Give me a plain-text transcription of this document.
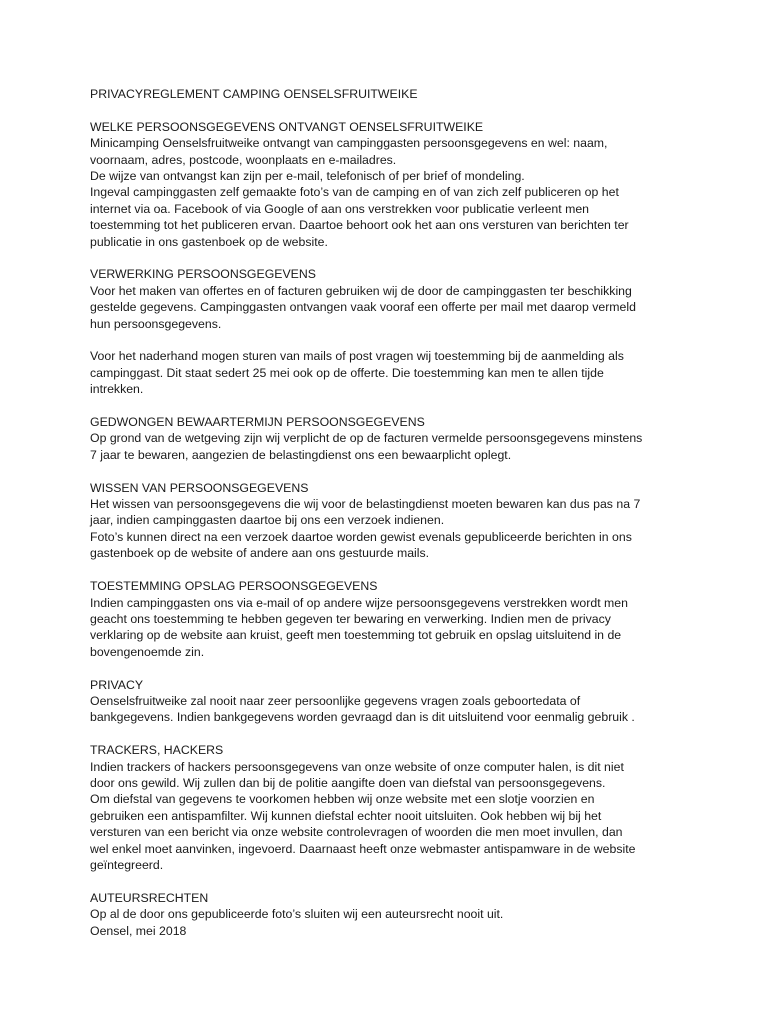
PRIVACYREGLEMENT CAMPING OENSELSFRUITWEIKE

WELKE PERSOONSGEGEVENS ONTVANGT OENSELSFRUITWEIKE

Minicamping Oenselsfruitweike ontvangt van campinggasten persoonsgegevens en wel: naam,

voornaam, adres, postcode, woonplaats en e-mailadres.

De wijze van ontvangst kan zijn per e-mail, telefonisch of per brief of mondeling.

Ingeval campinggasten zelf gemaakte foto’s van de camping en of van zich zelf publiceren op het

internet via oa. Facebook of via Google of aan ons verstrekken voor publicatie verleent men

toestemming tot het publiceren ervan. Daartoe behoort ook het aan ons versturen van berichten ter

publicatie in ons gastenboek op de website.

VERWERKING PERSOONSGEGEVENS

Voor het maken van offertes en of facturen gebruiken wij de door de campinggasten ter beschikking

gestelde gegevens. Campinggasten ontvangen vaak vooraf een offerte per mail met daarop vermeld

hun persoonsgegevens.

Voor het naderhand mogen sturen van mails of post vragen wij toestemming bij de aanmelding als

campinggast. Dit staat sedert 25 mei ook op de offerte. Die toestemming kan men te allen tijde

intrekken.

GEDWONGEN BEWAARTERMIJN PERSOONSGEGEVENS

Op grond van de wetgeving zijn wij verplicht de op de facturen vermelde persoonsgegevens minstens

7 jaar te bewaren, aangezien de belastingdienst ons een bewaarplicht oplegt.

WISSEN VAN PERSOONSGEGEVENS

Het wissen van persoonsgegevens die wij voor de belastingdienst moeten bewaren kan dus pas na 7

jaar, indien campinggasten daartoe bij ons een verzoek indienen.

Foto’s kunnen direct na een verzoek daartoe worden gewist evenals gepubliceerde berichten in ons

gastenboek op de website of andere aan ons gestuurde mails.

TOESTEMMING OPSLAG PERSOONSGEGEVENS

Indien campinggasten ons via e-mail of op andere wijze persoonsgegevens verstrekken wordt men

geacht ons toestemming te hebben gegeven ter bewaring en verwerking. Indien men de privacy

verklaring op de website aan kruist, geeft men toestemming tot gebruik en opslag uitsluitend in de

bovengenoemde zin.

PRIVACY

Oenselsfruitweike zal nooit naar zeer persoonlijke gegevens vragen zoals geboortedata of

bankgegevens. Indien bankgegevens worden gevraagd dan is dit uitsluitend voor eenmalig gebruik .

TRACKERS, HACKERS

Indien trackers of hackers persoonsgegevens van onze website of onze computer halen, is dit niet

door ons gewild. Wij zullen dan bij de politie aangifte doen van diefstal van persoonsgegevens.

Om diefstal van gegevens te voorkomen hebben wij onze website met een slotje voorzien en

gebruiken een antispamfilter. Wij kunnen diefstal echter nooit uitsluiten. Ook hebben wij bij het

versturen van een bericht via onze website controlevragen of woorden die men moet invullen, dan

wel enkel moet aanvinken, ingevoerd. Daarnaast heeft onze webmaster antispamware in de website

geïntegreerd.

AUTEURSRECHTEN

Op al de door ons gepubliceerde foto’s sluiten wij een auteursrecht nooit uit.

Oensel, mei 2018
